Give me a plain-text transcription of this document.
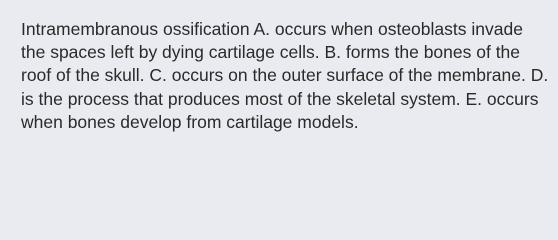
Intramembranous ossification A. occurs when osteoblasts invade the spaces left by dying cartilage cells. B. forms the bones of the roof of the skull. C. occurs on the outer surface of the membrane. D. is the process that produces most of the skeletal system. E. occurs when bones develop from cartilage models.
